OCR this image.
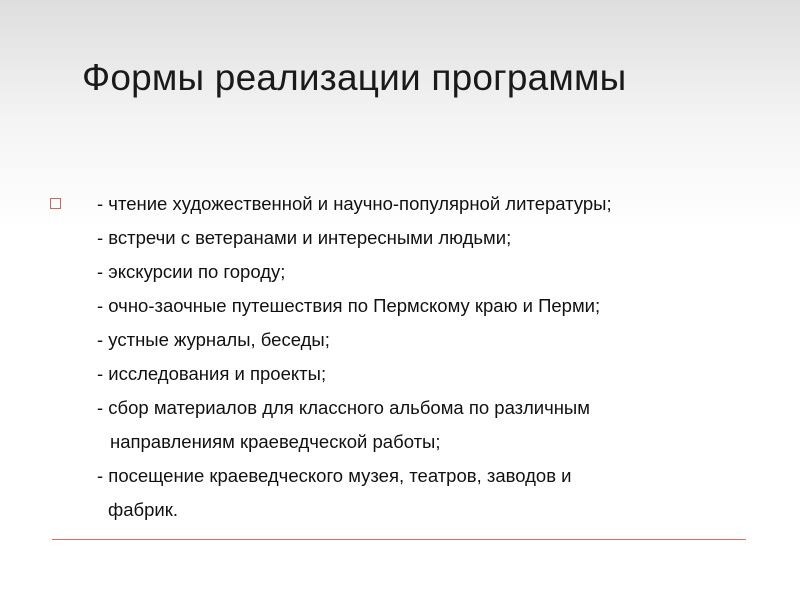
Формы реализации программы
- чтение художественной и научно-популярной литературы;
- встречи с ветеранами и интересными людьми;
- экскурсии по городу;
- очно-заочные путешествия по Пермскому краю и Перми;
- устные журналы, беседы;
- исследования и проекты;
- сбор материалов для классного альбома по различным
направлениям краеведческой работы;
- посещение краеведческого музея, театров, заводов и
фабрик.
